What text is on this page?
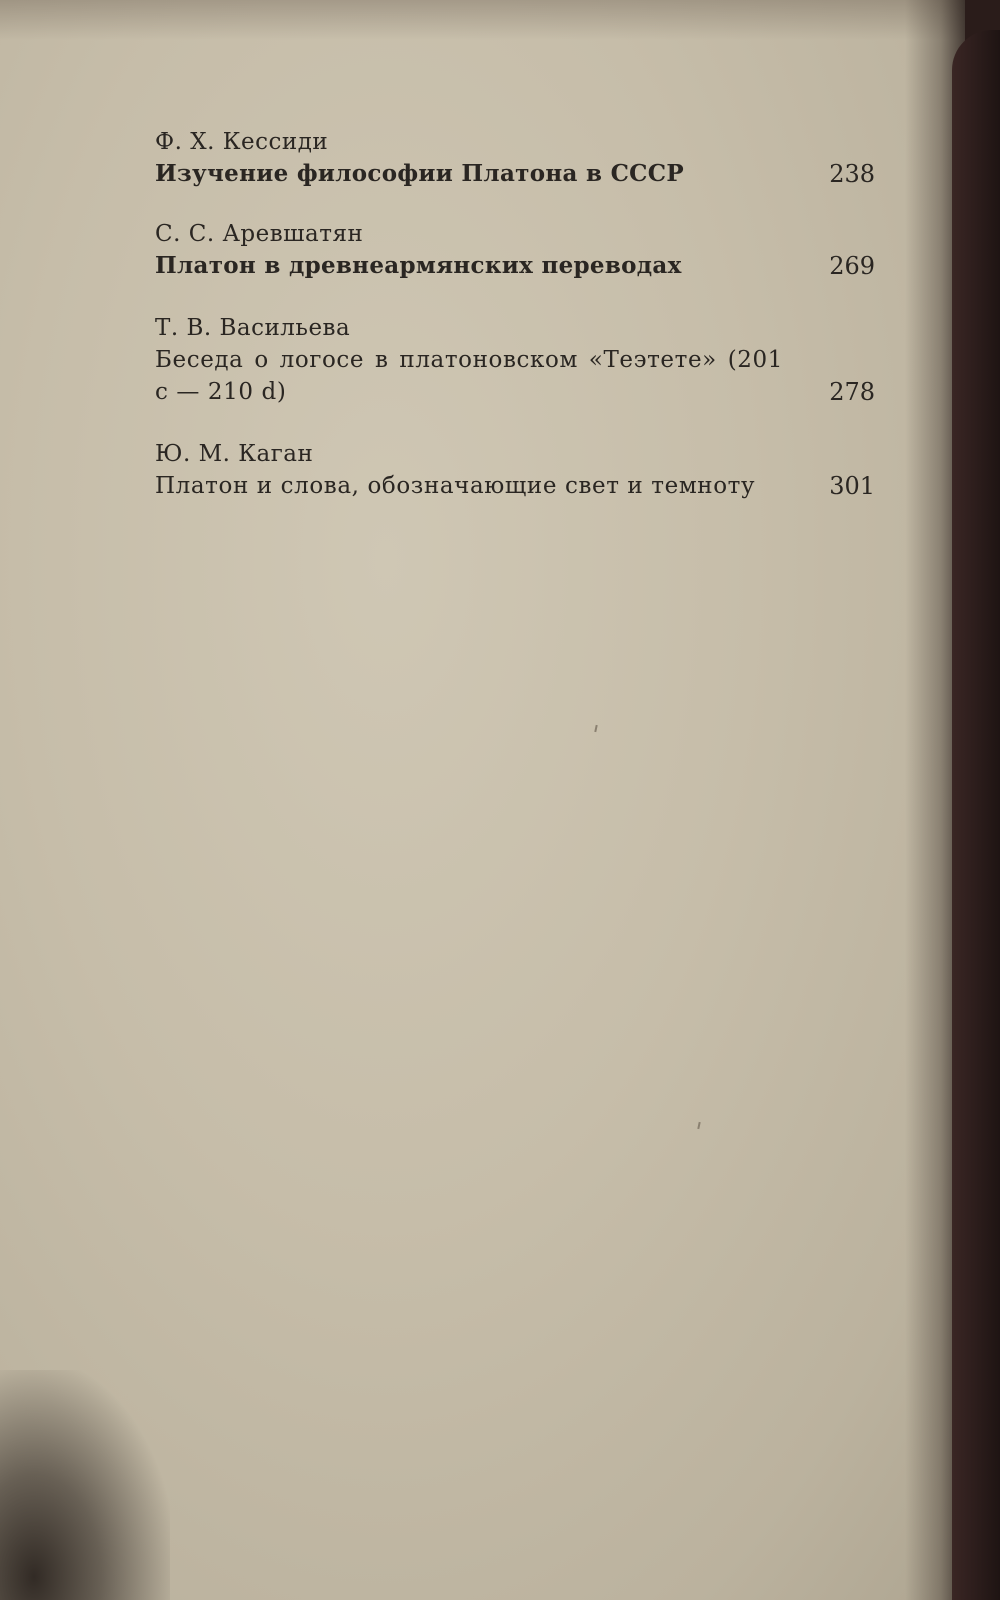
Ф. Х. Кессиди
Изучение философии Платона в СССР	238
С. С. Аревшатян
Платон в древнеармянских переводах	269
Т. В. Васильева
Беседа о логосе в платоновском «Теэтете» (201 c — 210 d)	278
Ю. М. Каган
Платон и слова, обозначающие свет и темноту	301
